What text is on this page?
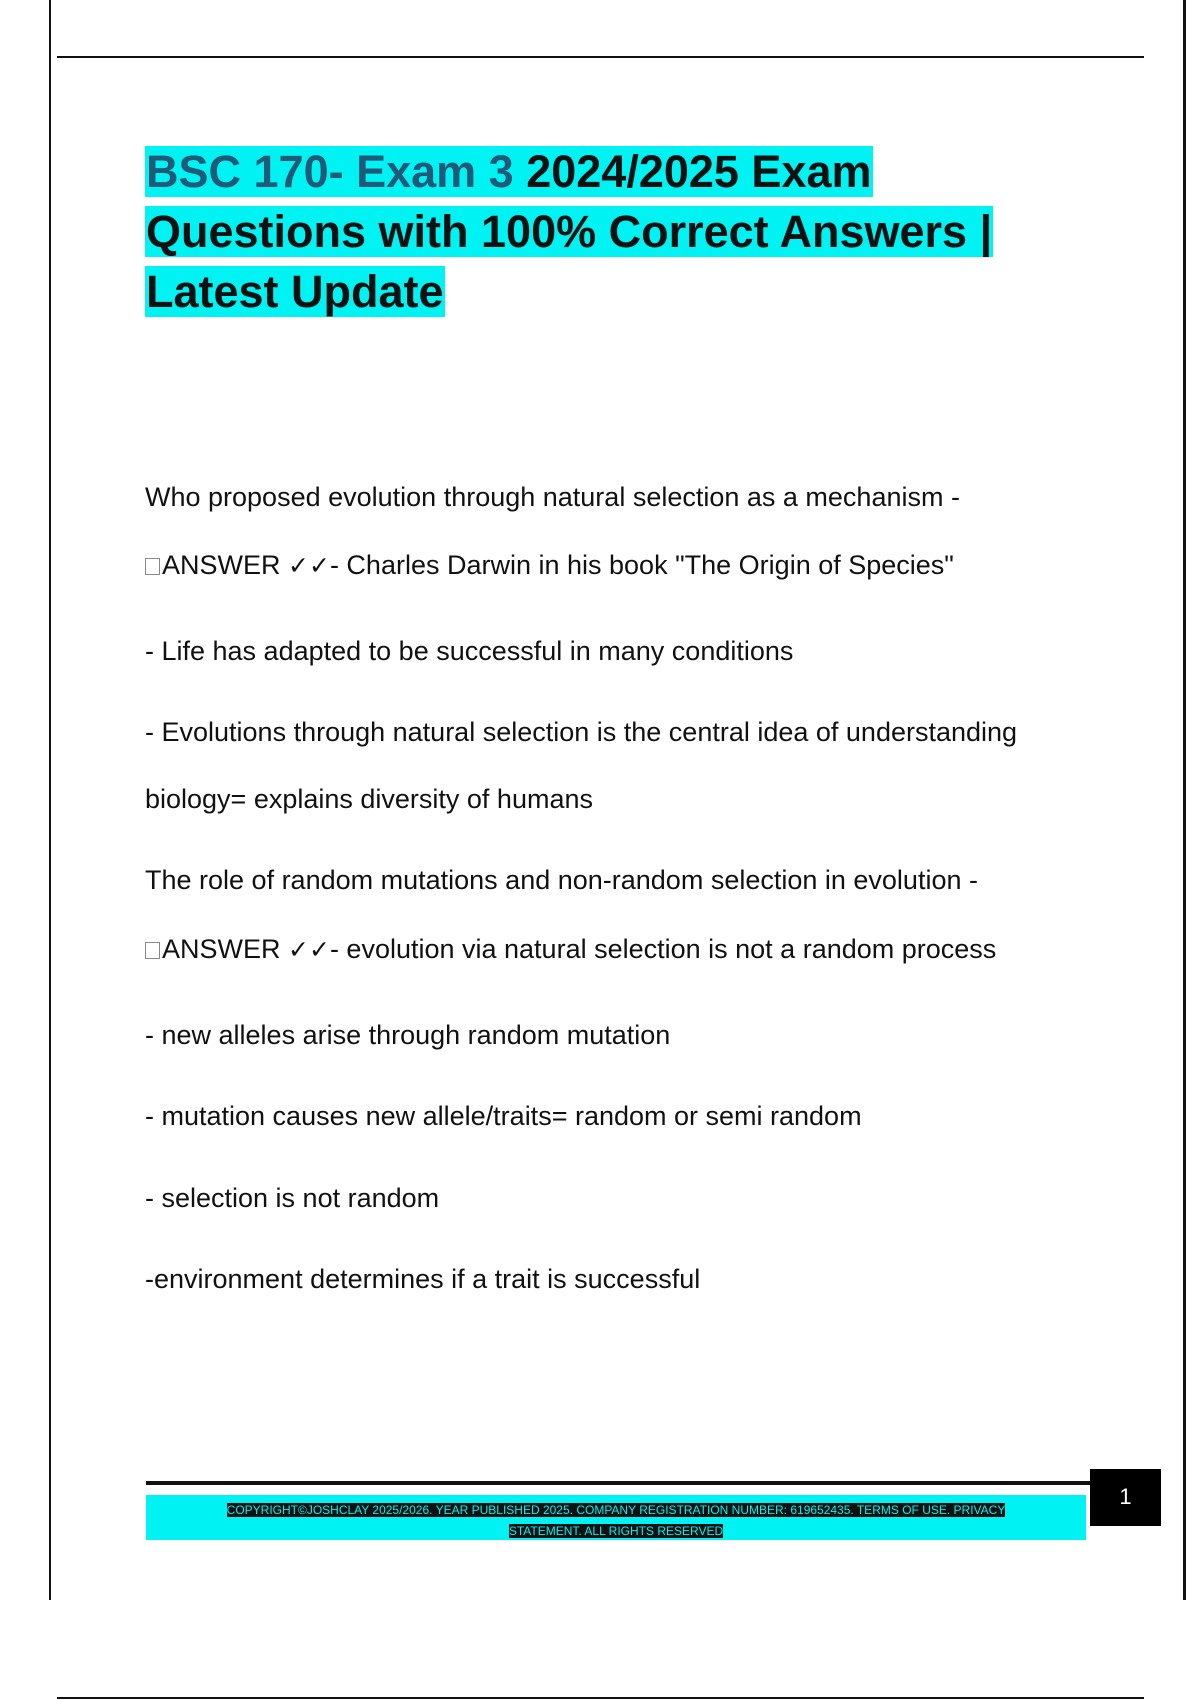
BSC 170- Exam 3 2024/2025 Exam
Questions with 100% Correct Answers |
Latest Update
Who proposed evolution through natural selection as a mechanism -
ANSWER ✓✓- Charles Darwin in his book "The Origin of Species"
- Life has adapted to be successful in many conditions
- Evolutions through natural selection is the central idea of understanding
biology= explains diversity of humans
The role of random mutations and non-random selection in evolution -
ANSWER ✓✓- evolution via natural selection is not a random process
- new alleles arise through random mutation
- mutation causes new allele/traits= random or semi random
- selection is not random
-environment determines if a trait is successful
COPYRIGHT©JOSHCLAY 2025/2026. YEAR PUBLISHED 2025. COMPANY REGISTRATION NUMBER: 619652435. TERMS OF USE. PRIVACY
STATEMENT. ALL RIGHTS RESERVED
1
